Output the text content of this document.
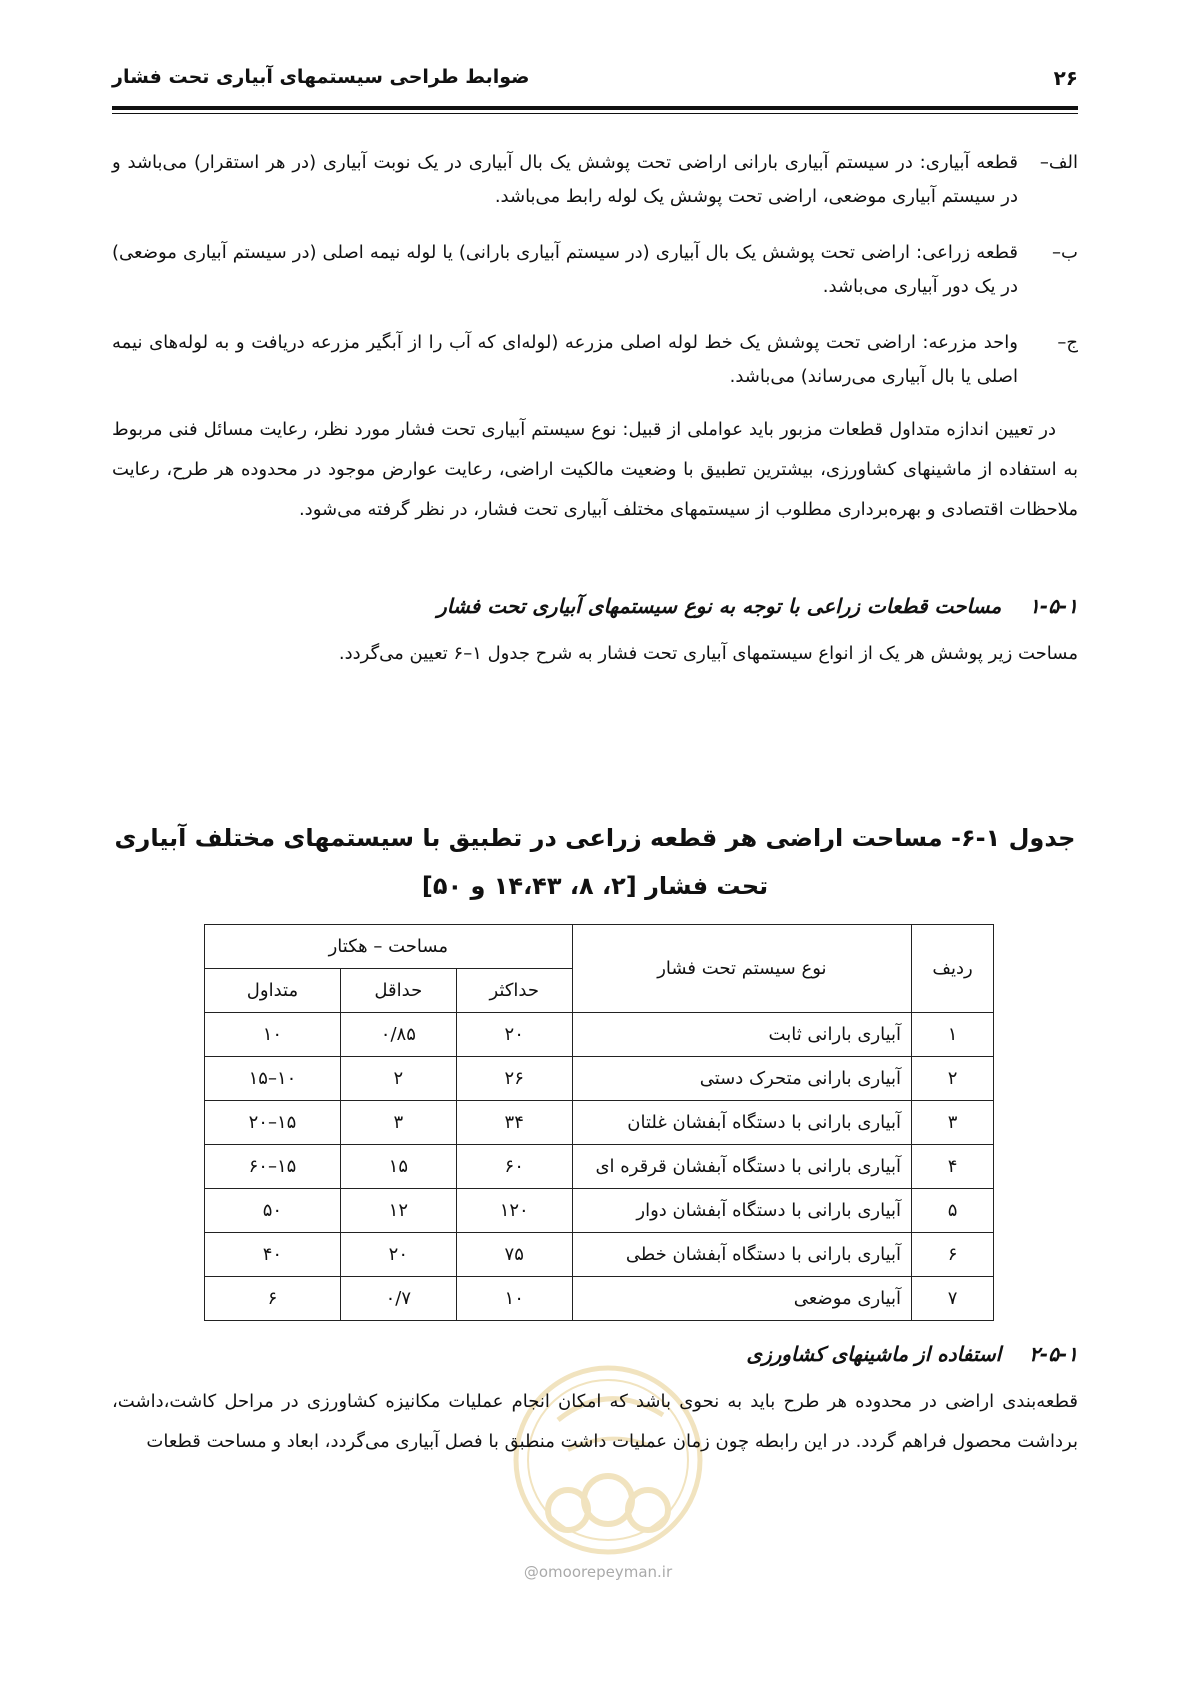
۲۶
ضوابط طراحی سیستمهای آبیاری تحت فشار
الف–
قطعه آبیاری: در سیستم آبیاری بارانی اراضی تحت پوشش یک بال آبیاری در یک نوبت آبیاری (در هر استقرار) می‌باشد و در سیستم آبیاری موضعی، اراضی تحت پوشش یک لوله رابط می‌باشد.
ب–
قطعه زراعی: اراضی تحت پوشش یک بال آبیاری (در سیستم آبیاری بارانی) یا لوله نیمه اصلی (در سیستم آبیاری موضعی) در یک دور آبیاری می‌باشد.
ج–
واحد مزرعه: اراضی تحت پوشش یک خط لوله اصلی مزرعه (لوله‌ای که آب را از آبگیر مزرعه دریافت و به لوله‌های نیمه اصلی یا بال آبیاری می‌رساند) می‌باشد.
در تعیین اندازه متداول قطعات مزبور باید عواملی از قبیل: نوع سیستم آبیاری تحت فشار مورد نظر، رعایت مسائل فنی مربوط به استفاده از ماشینهای کشاورزی، بیشترین تطبیق با وضعیت مالکیت اراضی، رعایت عوارض موجود در محدوده هر طرح، رعایت ملاحظات اقتصادی و بهره‌برداری مطلوب از سیستمهای مختلف آبیاری تحت فشار، در نظر گرفته می‌شود.
۱-۵-۱مساحت قطعات زراعی با توجه به نوع سیستمهای آبیاری تحت فشار
مساحت زیر پوشش هر یک از انواع سیستمهای آبیاری تحت فشار به شرح جدول ۱–۶ تعیین می‌گردد.
جدول ۱-۶- مساحت اراضی هر قطعه زراعی در تطبیق با سیستمهای مختلف آبیاری
تحت فشار [۲، ۸، ۱۴،۴۳ و ۵۰]
ردیف	نوع سیستم تحت فشار	مساحت – هکتار		
		حداکثر	حداقل	متداول
۱	آبیاری بارانی ثابت	۲۰	۰/۸۵	۱۰
۲	آبیاری بارانی متحرک دستی	۲۶	۲	۱۰–۱۵
۳	آبیاری بارانی با دستگاه آبفشان غلتان	۳۴	۳	۱۵–۲۰
۴	آبیاری بارانی با دستگاه آبفشان قرقره ای	۶۰	۱۵	۱۵–۶۰
۵	آبیاری بارانی با دستگاه آبفشان دوار	۱۲۰	۱۲	۵۰
۶	آبیاری بارانی با دستگاه آبفشان خطی	۷۵	۲۰	۴۰
۷	آبیاری موضعی	۱۰	۰/۷	۶
@omoorepeyman.ir
۲-۵-۱استفاده از ماشینهای کشاورزی
قطعه‌بندی اراضی در محدوده هر طرح باید به نحوی باشد که امکان انجام عملیات مکانیزه کشاورزی در مراحل کاشت،داشت، برداشت محصول فراهم گردد. در این رابطه چون زمان عملیات داشت منطبق با فصل آبیاری می‌گردد، ابعاد و مساحت قطعات
